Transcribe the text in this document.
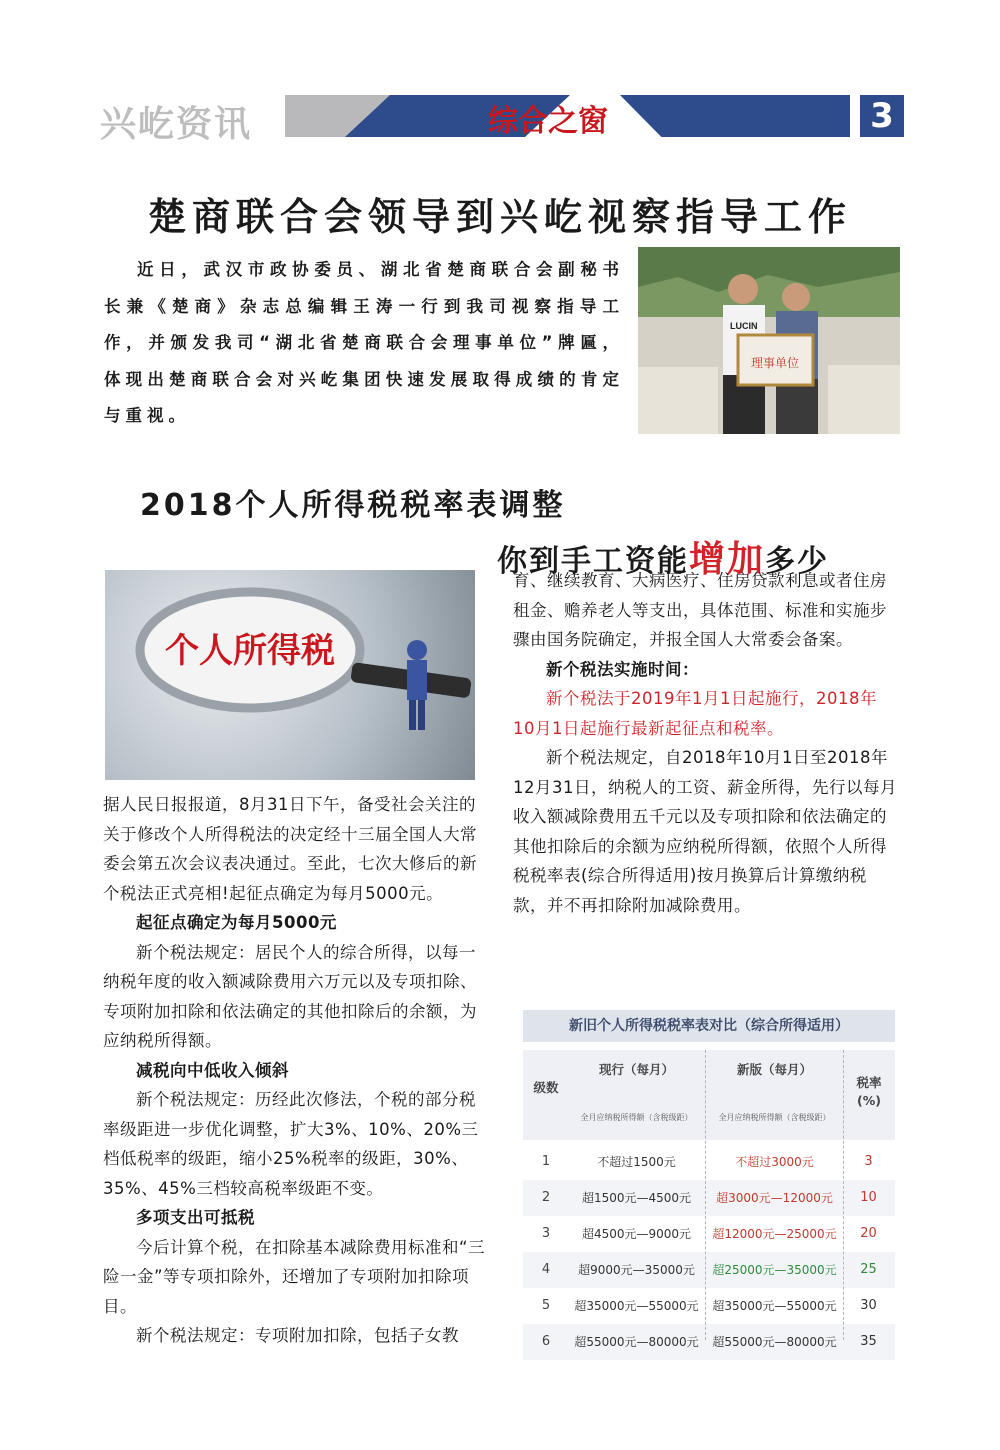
兴屹资讯	综合之窗	3
楚商联合会领导到兴屹视察指导工作

近日，武汉市政协委员、湖北省楚商联合会副秘书长兼《楚商》杂志总编辑王涛一行到我司视察指导工作，并颁发我司“湖北省楚商联合会理事单位”牌匾，体现出楚商联合会对兴屹集团快速发展取得成绩的肯定与重视。

LUCIN
理事单位
2018个人所得税税率表调整
你到手工资能增加多少
个人所得税

据人民日报报道，8月31日下午，备受社会关注的关于修改个人所得税法的决定经十三届全国人大常委会第五次会议表决通过。至此，七次大修后的新个税法正式亮相!起征点确定为每月5000元。

起征点确定为每月5000元

新个税法规定：居民个人的综合所得，以每一纳税年度的收入额减除费用六万元以及专项扣除、专项附加扣除和依法确定的其他扣除后的余额，为应纳税所得额。

减税向中低收入倾斜

新个税法规定：历经此次修法，个税的部分税率级距进一步优化调整，扩大3%、10%、20%三档低税率的级距，缩小25%税率的级距，30%、35%、45%三档较高税率级距不变。

多项支出可抵税

今后计算个税，在扣除基本减除费用标准和“三险一金”等专项扣除外，还增加了专项附加扣除项目。

新个税法规定：专项附加扣除，包括子女教

育、继续教育、大病医疗、住房贷款利息或者住房租金、赡养老人等支出，具体范围、标准和实施步骤由国务院确定，并报全国人大常委会备案。

新个税法实施时间：

新个税法于2019年1月1日起施行，2018年10月1日起施行最新起征点和税率。

新个税法规定，自2018年10月1日至2018年12月31日，纳税人的工资、薪金所得，先行以每月收入额减除费用五千元以及专项扣除和依法确定的其他扣除后的余额为应纳税所得额，依照个人所得税税率表(综合所得适用)按月换算后计算缴纳税款，并不再扣除附加减除费用。

新旧个人所得税税率表对比（综合所得适用）
级数
现行（每月）	新版（每月）
税率(%)
全月应纳税所得额（含税级距）	全月应纳税所得额（含税级距）
1	不超过1500元	不超过3000元	3
2	超1500元—4500元	超3000元—12000元	10
3	超4500元—9000元	超12000元—25000元	20
4	超9000元—35000元	超25000元—35000元	25
5	超35000元—55000元	超35000元—55000元	30
6	超55000元—80000元	超55000元—80000元	35
